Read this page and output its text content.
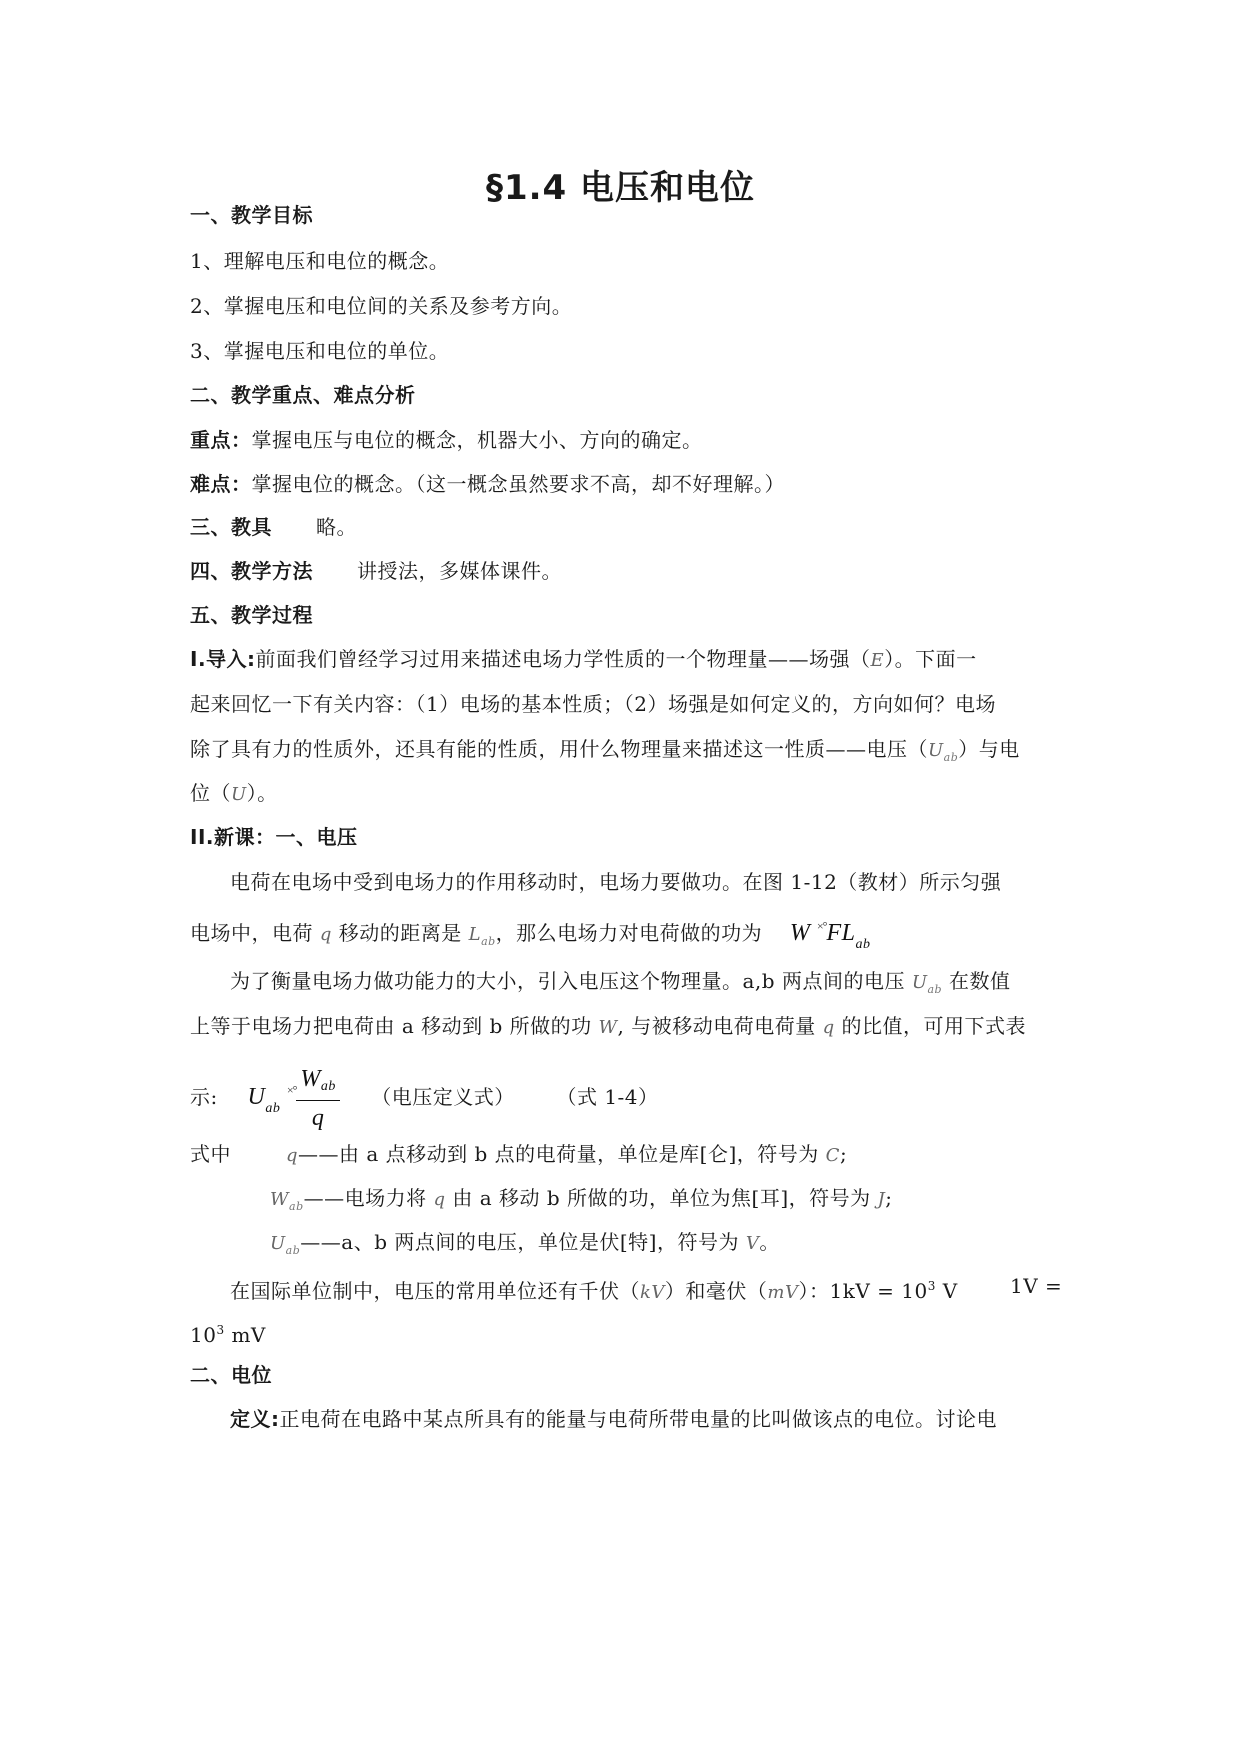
§1.4 电压和电位
一、教学目标
1、理解电压和电位的概念。
2、掌握电压和电位间的关系及参考方向。
3、掌握电压和电位的单位。
二、教学重点、难点分析
重点：掌握电压与电位的概念，机器大小、方向的确定。
难点：掌握电位的概念。（这一概念虽然要求不高，却不好理解。）
三、教具 略。
四、教学方法 讲授法，多媒体课件。
五、教学过程
Ⅰ.导入:前面我们曾经学习过用来描述电场力学性质的一个物理量——场强（E）。下面一
起来回忆一下有关内容：（1）电场的基本性质；（2）场强是如何定义的，方向如何？电场
除了具有力的性质外，还具有能的性质，用什么物理量来描述这一性质——电压$(U_{ab})$与电
位（U）。
II.新课：一、电压
电荷在电场中受到电场力的作用移动时，电场力要做功。在图 1-12（教材）所示匀强
电场中，电荷 q 移动的距离是 $L_{ab}$，那么电场力对电荷做的功为 W $^{\times^\circ}FL_{ab}$
为了衡量电场力做功能力的大小，引入电压这个物理量。a,b 两点间的电压 $U_{ab}$ 在数值
上等于电场力把电荷由 a 移动到 b 所做的功 W, 与被移动电荷电荷量 q 的比值，可用下式表
示: $U_{ab}$ $^{\times^\circ} \frac{\text{Wab}}{q}$ （电压定义式） （式 1-4）
式中	q——由 a 点移动到 b 点的电荷量，单位是库[仑]，符号为 C;
$W_{ab}——$电场力将 q 由 a 移动 b 所做的功，单位为焦[耳]，符号为 J;
$U_{ab}——a$、b 两点间的电压，单位是伏[特]，符号为 V。
在国际单位制中，电压的常用单位还有千伏（kV）和毫伏（mV）：$1kV = 10^3$ V	1V =
$10^3$ mV
二、电位
定义:正电荷在电路中某点所具有的能量与电荷所带电量的比叫做该点的电位。讨论电
